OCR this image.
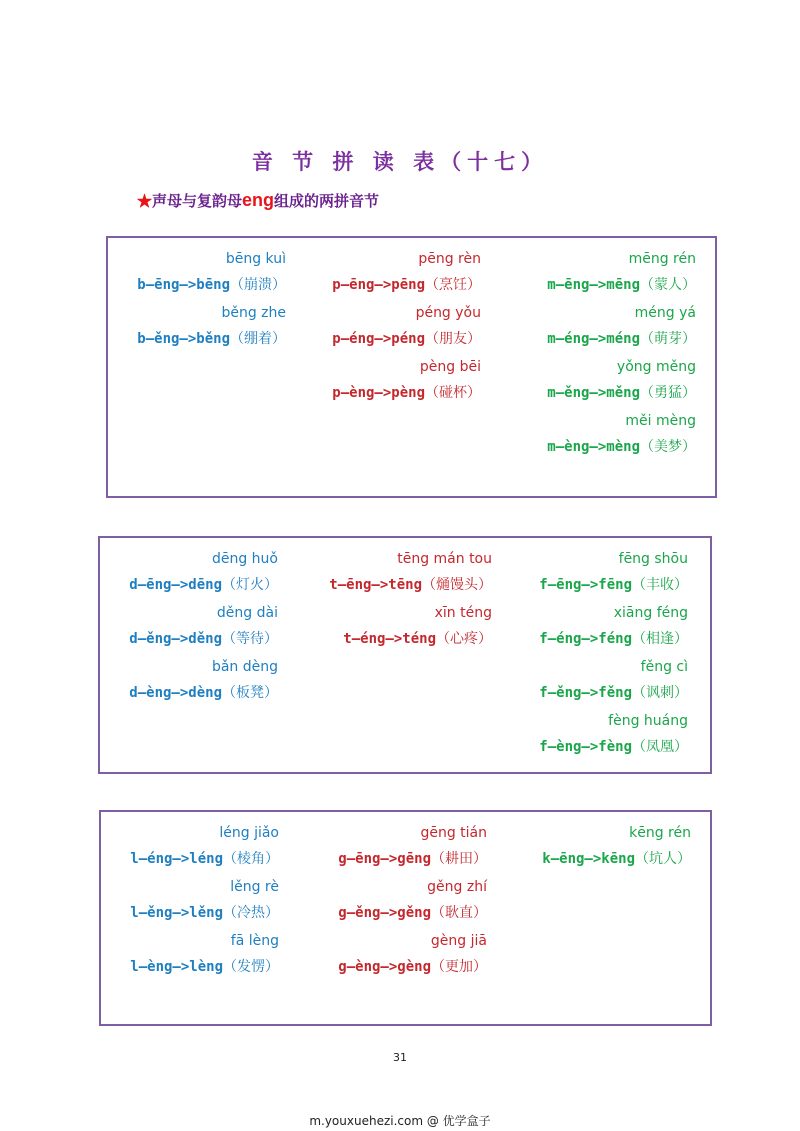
音 节 拼 读 表（十七）
★声母与复韵母eng组成的两拼音节
bēng kuì
b—ēng—>bēng（崩溃）
běng zhe
b—ěng—>běng（绷着）
pēng rèn
p—ēng—>pēng（烹饪）
péng yǒu
p—éng—>péng（朋友）
pèng bēi
p—èng—>pèng（碰杯）
mēng rén
m—ēng—>mēng（蒙人）
méng yá
m—éng—>méng（萌芽）
yǒng měng
m—ěng—>měng（勇猛）
měi mèng
m—èng—>mèng（美梦）
dēng huǒ
d—ēng—>dēng（灯火）
děng dài
d—ěng—>děng（等待）
bǎn dèng
d—èng—>dèng（板凳）
tēng mán tou
t—ēng—>tēng（熥馒头）
xīn téng
t—éng—>téng（心疼）
fēng shōu
f—ēng—>fēng（丰收）
xiāng féng
f—éng—>féng（相逢）
fěng cì
f—ěng—>fěng（讽刺）
fèng huáng
f—èng—>fèng（凤凰）
léng jiǎo
l—éng—>léng（棱角）
lěng rè
l—ěng—>lěng（冷热）
fā lèng
l—èng—>lèng（发愣）
gēng tián
g—ēng—>gēng（耕田）
gěng zhí
g—ěng—>gěng（耿直）
gèng jiā
g—èng—>gèng（更加）
kēng rén
k—ēng—>kēng（坑人）
31
m.youxuehezi.com @ 优学盒子
